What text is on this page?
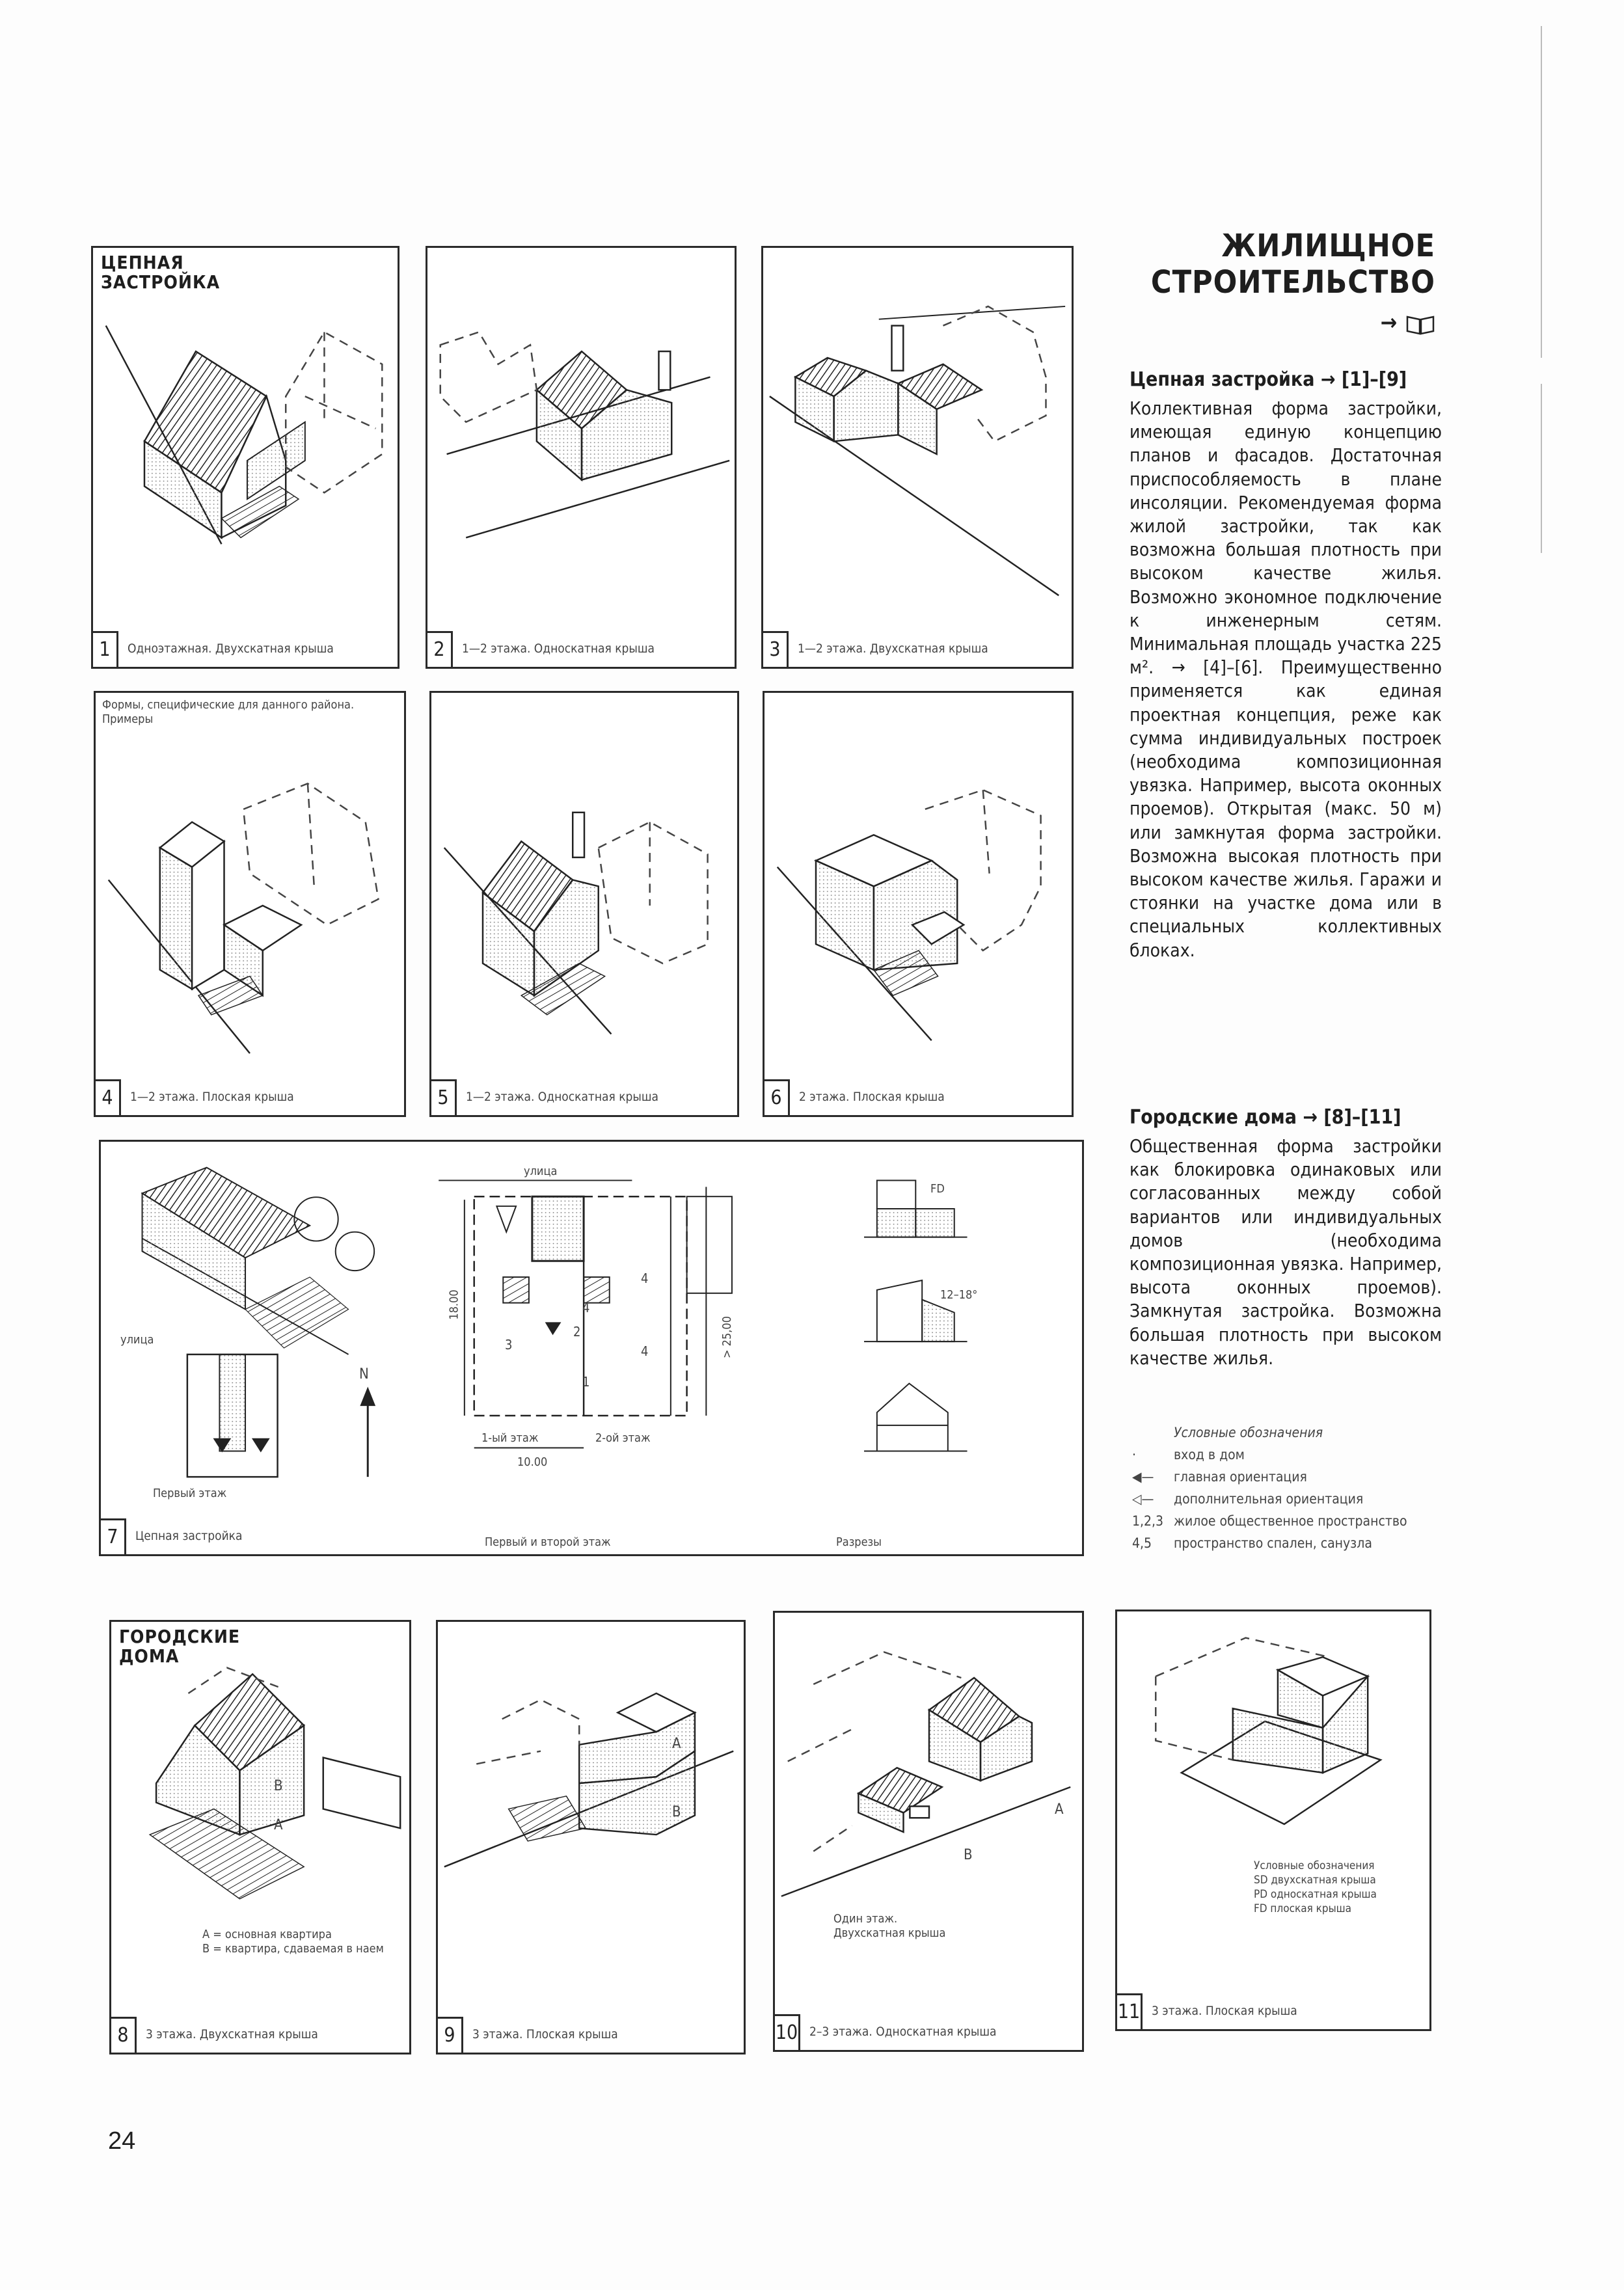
ЖИЛИЩНОЕ
СТРОИТЕЛЬСТВО
→
Цепная застройка → [1]–[9]
Коллективная форма застройки, имеющая единую концепцию планов и фасадов. Достаточная приспособляемость в плане инсоляции. Рекомендуемая форма жилой застройки, так как возможна большая плотность при высоком качестве жилья. Возможно экономное подключение к инженерным сетям. Минимальная площадь участка 225 м². → [4]–[6]. Преимущественно применяется как единая проектная концепция, реже как сумма индивидуальных построек (необходима композиционная увязка. Например, высота оконных проемов). Открытая (макс. 50 м) или замкнутая форма застройки. Возможна высокая плотность при высоком качестве жилья. Гаражи и стоянки на участке дома или в специальных коллективных блоках.
Городские дома → [8]–[11]
Общественная форма застройки как блокировка одинаковых или согласованных между собой вариантов или индивидуальных домов (необходима композиционная увязка. Например, высота оконных проемов). Замкнутая застройка. Возможна большая плотность при высоком качестве жилья.
Условные обозначения
·	вход в дом
◀— главная ориентация
◁— дополнительная ориентация
1,2,3 жилое общественное пространство
4,5 пространство спален, санузла
ЦЕПНАЯ
ЗАСТРОЙКА
1	Одноэтажная. Двухскатная крыша	2	1—2 этажа. Односкатная крыша	3	1—2 этажа. Двухскатная крыша
Формы, специфические для данного района.
Примеры
4	1—2 этажа. Плоская крыша	5	1—2 этажа. Односкатная крыша	6	2 этажа. Плоская крыша
улица
улица
Первый этаж
N
18.00
> 25,00
10.00
1-ый этаж	2-ой этаж
1
2
3
4
4
4
Первый и второй этаж
FD
12–18°
Разрезы
7	Цепная застройка
ГОРОДСКИЕ
ДОМА
B
A
A = основная квартира
B = квартира, сдаваемая в наем
8	3 этажа. Двухскатная крыша
A
B
9	3 этажа. Плоская крыша
A
B
Один этаж.
Двухскатная крыша
10 2–3 этажа. Односкатная крыша
Условные обозначения
SD двухскатная крыша
PD односкатная крыша
FD плоская крыша
11 3 этажа. Плоская крыша
24
